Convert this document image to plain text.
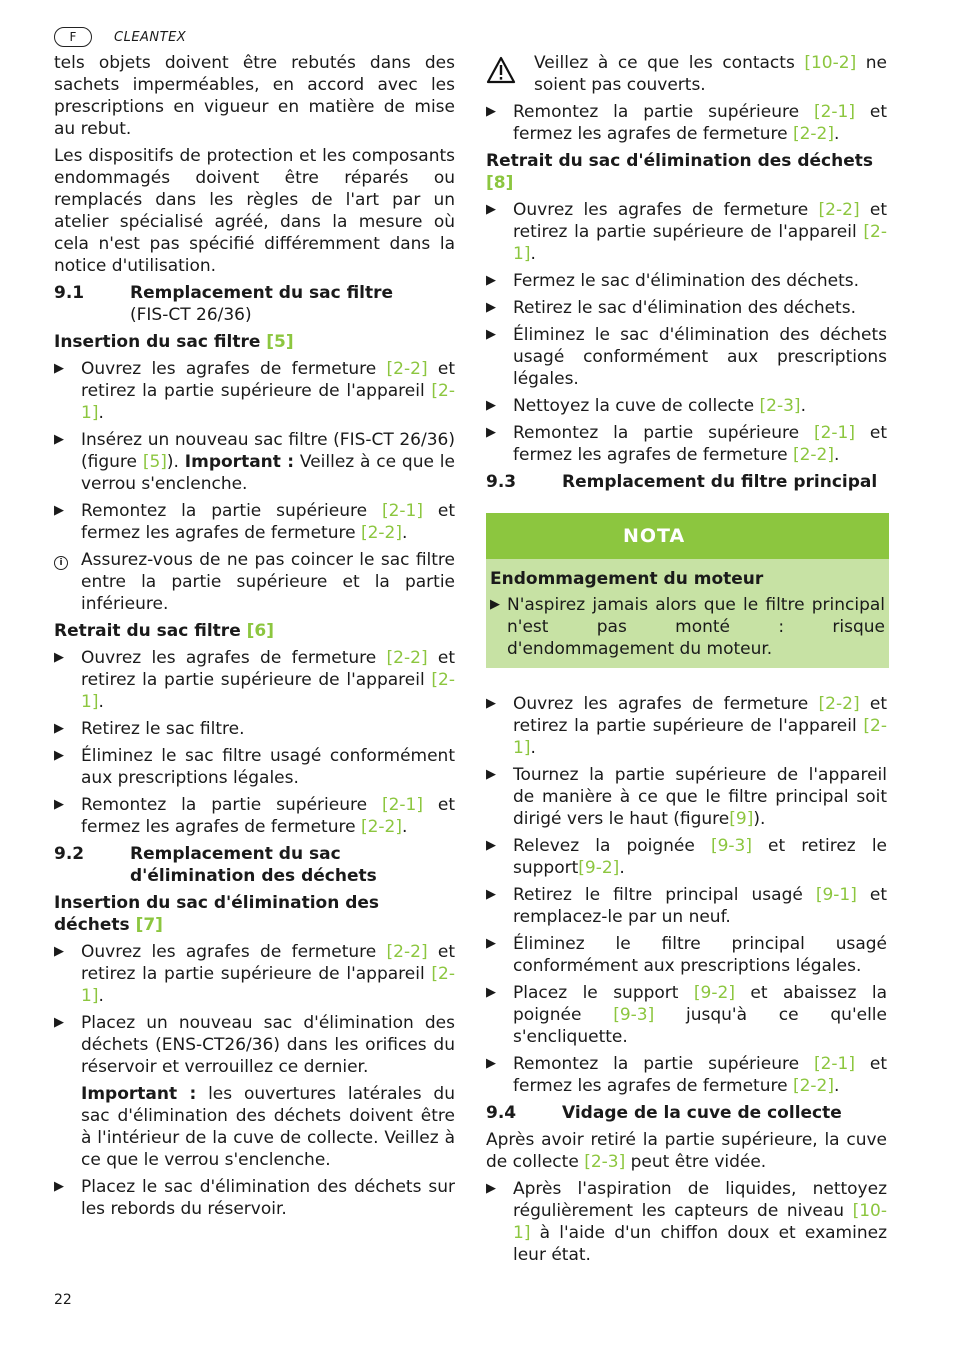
F	CLEANTEX

tels objets doivent être rebutés dans des sachets imperméables, en accord avec les prescriptions en vigueur en matière de mise au rebut.

Les dispositifs de protection et les composants endommagés doivent être réparés ou remplacés dans les règles de l'art par un atelier spécialisé agréé, dans la mesure où cela n'est pas spécifié différemment dans la notice d'utilisation.

9.1	Remplacement du sac filtre
(FIS-CT 26/36)
Insertion du sac filtre [5]
▶	Ouvrez les agrafes de fermeture [2-2] et retirez la partie supérieure de l'appareil [2-1].
▶	Insérez un nouveau sac filtre (FIS-CT 26/36) (figure [5]). Important : Veillez à ce que le verrou s'enclenche.
▶	Remontez la partie supérieure [2-1] et fermez les agrafes de fermeture [2-2].
i	Assurez-vous de ne pas coincer le sac filtre entre la partie supérieure et la partie inférieure.
Retrait du sac filtre [6]
▶	Ouvrez les agrafes de fermeture [2-2] et retirez la partie supérieure de l'appareil [2-1].
▶	Retirez le sac filtre.
▶	Éliminez le sac filtre usagé conformément aux prescriptions légales.
▶	Remontez la partie supérieure [2-1] et fermez les agrafes de fermeture [2-2].
9.2	Remplacement du sac d'élimination des déchets
Insertion du sac d'élimination des déchets [7]
▶	Ouvrez les agrafes de fermeture [2-2] et retirez la partie supérieure de l'appareil [2-1].
▶	Placez un nouveau sac d'élimination des déchets (ENS-CT26/36) dans les orifices du réservoir et verrouillez ce dernier.
Important : les ouvertures latérales du sac d'élimination des déchets doivent être à l'intérieur de la cuve de collecte. Veillez à ce que le verrou s'enclenche.
▶	Placez le sac d'élimination des déchets sur les rebords du réservoir.
Veillez à ce que les contacts [10-2] ne soient pas couverts.
▶	Remontez la partie supérieure [2-1] et fermez les agrafes de fermeture [2-2].
Retrait du sac d'élimination des déchets [8]
▶	Ouvrez les agrafes de fermeture [2-2] et retirez la partie supérieure de l'appareil [2-1].
▶	Fermez le sac d'élimination des déchets.
▶	Retirez le sac d'élimination des déchets.
▶	Éliminez le sac d'élimination des déchets usagé conformément aux prescriptions légales.
▶	Nettoyez la cuve de collecte [2-3].
▶	Remontez la partie supérieure [2-1] et fermez les agrafes de fermeture [2-2].
9.3	Remplacement du filtre principal
NOTA
Endommagement du moteur
▶ N'aspirez jamais alors que le filtre principal n'est pas monté : risque d'endommagement du moteur.
▶	Ouvrez les agrafes de fermeture [2-2] et retirez la partie supérieure de l'appareil [2-1].
▶	Tournez la partie supérieure de l'appareil de manière à ce que le filtre principal soit dirigé vers le haut (figure[9]).
▶	Relevez la poignée [9-3] et retirez le support[9-2].
▶	Retirez le filtre principal usagé [9-1] et remplacez-le par un neuf.
▶	Éliminez le filtre principal usagé conformément aux prescriptions légales.
▶	Placez le support [9-2] et abaissez la poignée [9-3] jusqu'à ce qu'elle s'encliquette.
▶	Remontez la partie supérieure [2-1] et fermez les agrafes de fermeture [2-2].
9.4	Vidage de la cuve de collecte

Après avoir retiré la partie supérieure, la cuve de collecte [2-3] peut être vidée.

▶	Après l'aspiration de liquides, nettoyez régulièrement les capteurs de niveau [10-1] à l'aide d'un chiffon doux et examinez leur état.
22
